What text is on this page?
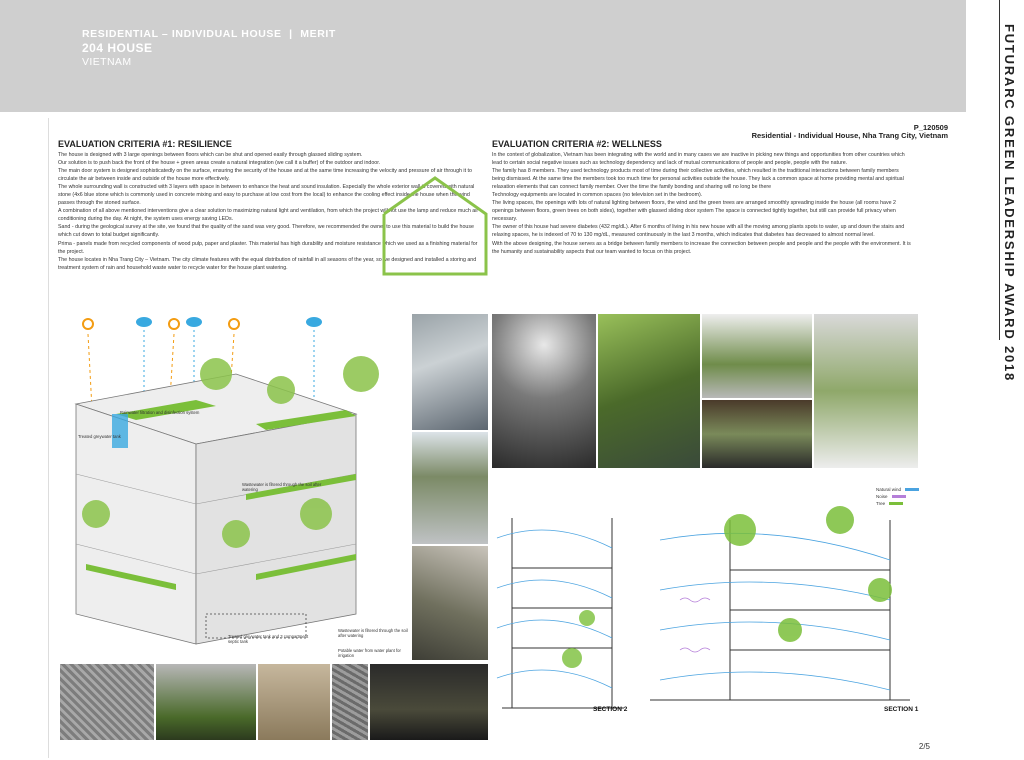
RESIDENTIAL – INDIVIDUAL HOUSE | MERIT
204 HOUSE
VIETNAM	FUTURARC GREEN LEADERSHIP AWARD 2018
P_120509
Residential - Individual House, Nha Trang City, Vietnam
EVALUATION CRITERIA #1: RESILIENCE

The house is designed with 3 large openings between floors which can be shut and opened easily through glassed sliding system.

Our solution is to push back the front of the house + green areas create a natural integration (we call it a buffer) of the outdoor and indoor.

The main door system is designed sophisticatedly on the surface, ensuring the security of the house and at the same time increasing the velocity and pressure of air through it to circulate the air between inside and outside of the house more effectively.

The whole surrounding wall is constructed with 3 layers with space in between to enhance the heat and sound insulation. Especially the whole exterior wall is covered with natural stone (4x6 blue stone which is commonly used in concrete mixing and easy to purchase at low cost from the local) to enhance the cooling effect inside the house when the wind passes through the stoned surface.

A combination of all above mentioned interventions give a clear solution to maximizing natural light and ventilation, from which the project will not use the lamp and reduce much air conditioning during the day. At night, the system uses energy saving LEDs.

Sand - during the geological survey at the site, we found that the quality of the sand was very good. Therefore, we recommended the owner to use this material to build the house which cut down to total budget significantly.

Prima - panels made from recycled components of wood pulp, paper and plaster. This material has high durability and moisture resistance which we used as a finishing material for the project.

The house locates in Nha Trang City – Vietnam. The city climate features with the equal distribution of rainfall in all seasons of the year, so we designed and installed a storing and treatment system of rain and household waste water to recycle water for the house plant watering.

EVALUATION CRITERIA #2: WELLNESS

In the context of globalization, Vietnam has been integrating with the world and in many cases we are inactive in picking new things and opportunities from other countries which lead to certain social negative issues such as technology dependency and lack of mutual communications of people and people, people with the nature.

The family has 8 members. They used technology products most of time during their collective activities, which resulted in the traditional interactions between family members being dismissed. At the same time the members took too much time for personal activities outside the house. They lack a common space at home providing mental and spiritual relaxation elements that can connect family member. Over the time the family bonding and sharing will no long be there

Technology equipments are located in common spaces (no television set in the bedroom).

The living spaces, the openings with lots of natural lighting between floors, the wind and the green trees are arranged smoothly spreading inside the house (all rooms have 2 openings between floors, green trees on both sides), together with glassed sliding door system The space is connected tightly together, but still can provide full privacy when necessary.

The owner of this house had severe diabetes (432 mg/dL). After 6 months of living in his new house with all the moving among plants spots to water, up and down the stairs and relaxing spaces, he is indexed of 70 to 130 mg/dL, measured continuously in the last 3 months, which indicates that diabetes has decreased to almost normal level.

With the above designing, the house serves as a bridge between family members to increase the connection between people and people and the people with the environment. It is the humanity and sustainability aspects that our team wanted to focus on this project.

Rainwater filtration and disinfection system
Treated greywater tank
Wastewater is filtered through the soil after watering
Treated greywater tank and 3 compartment septic tank
Wastewater is filtered through the soil after watering
Potable water from water plant for irrigation
SECTION 2	SECTION 1
Natural wind
Noise
Tree
2/5
